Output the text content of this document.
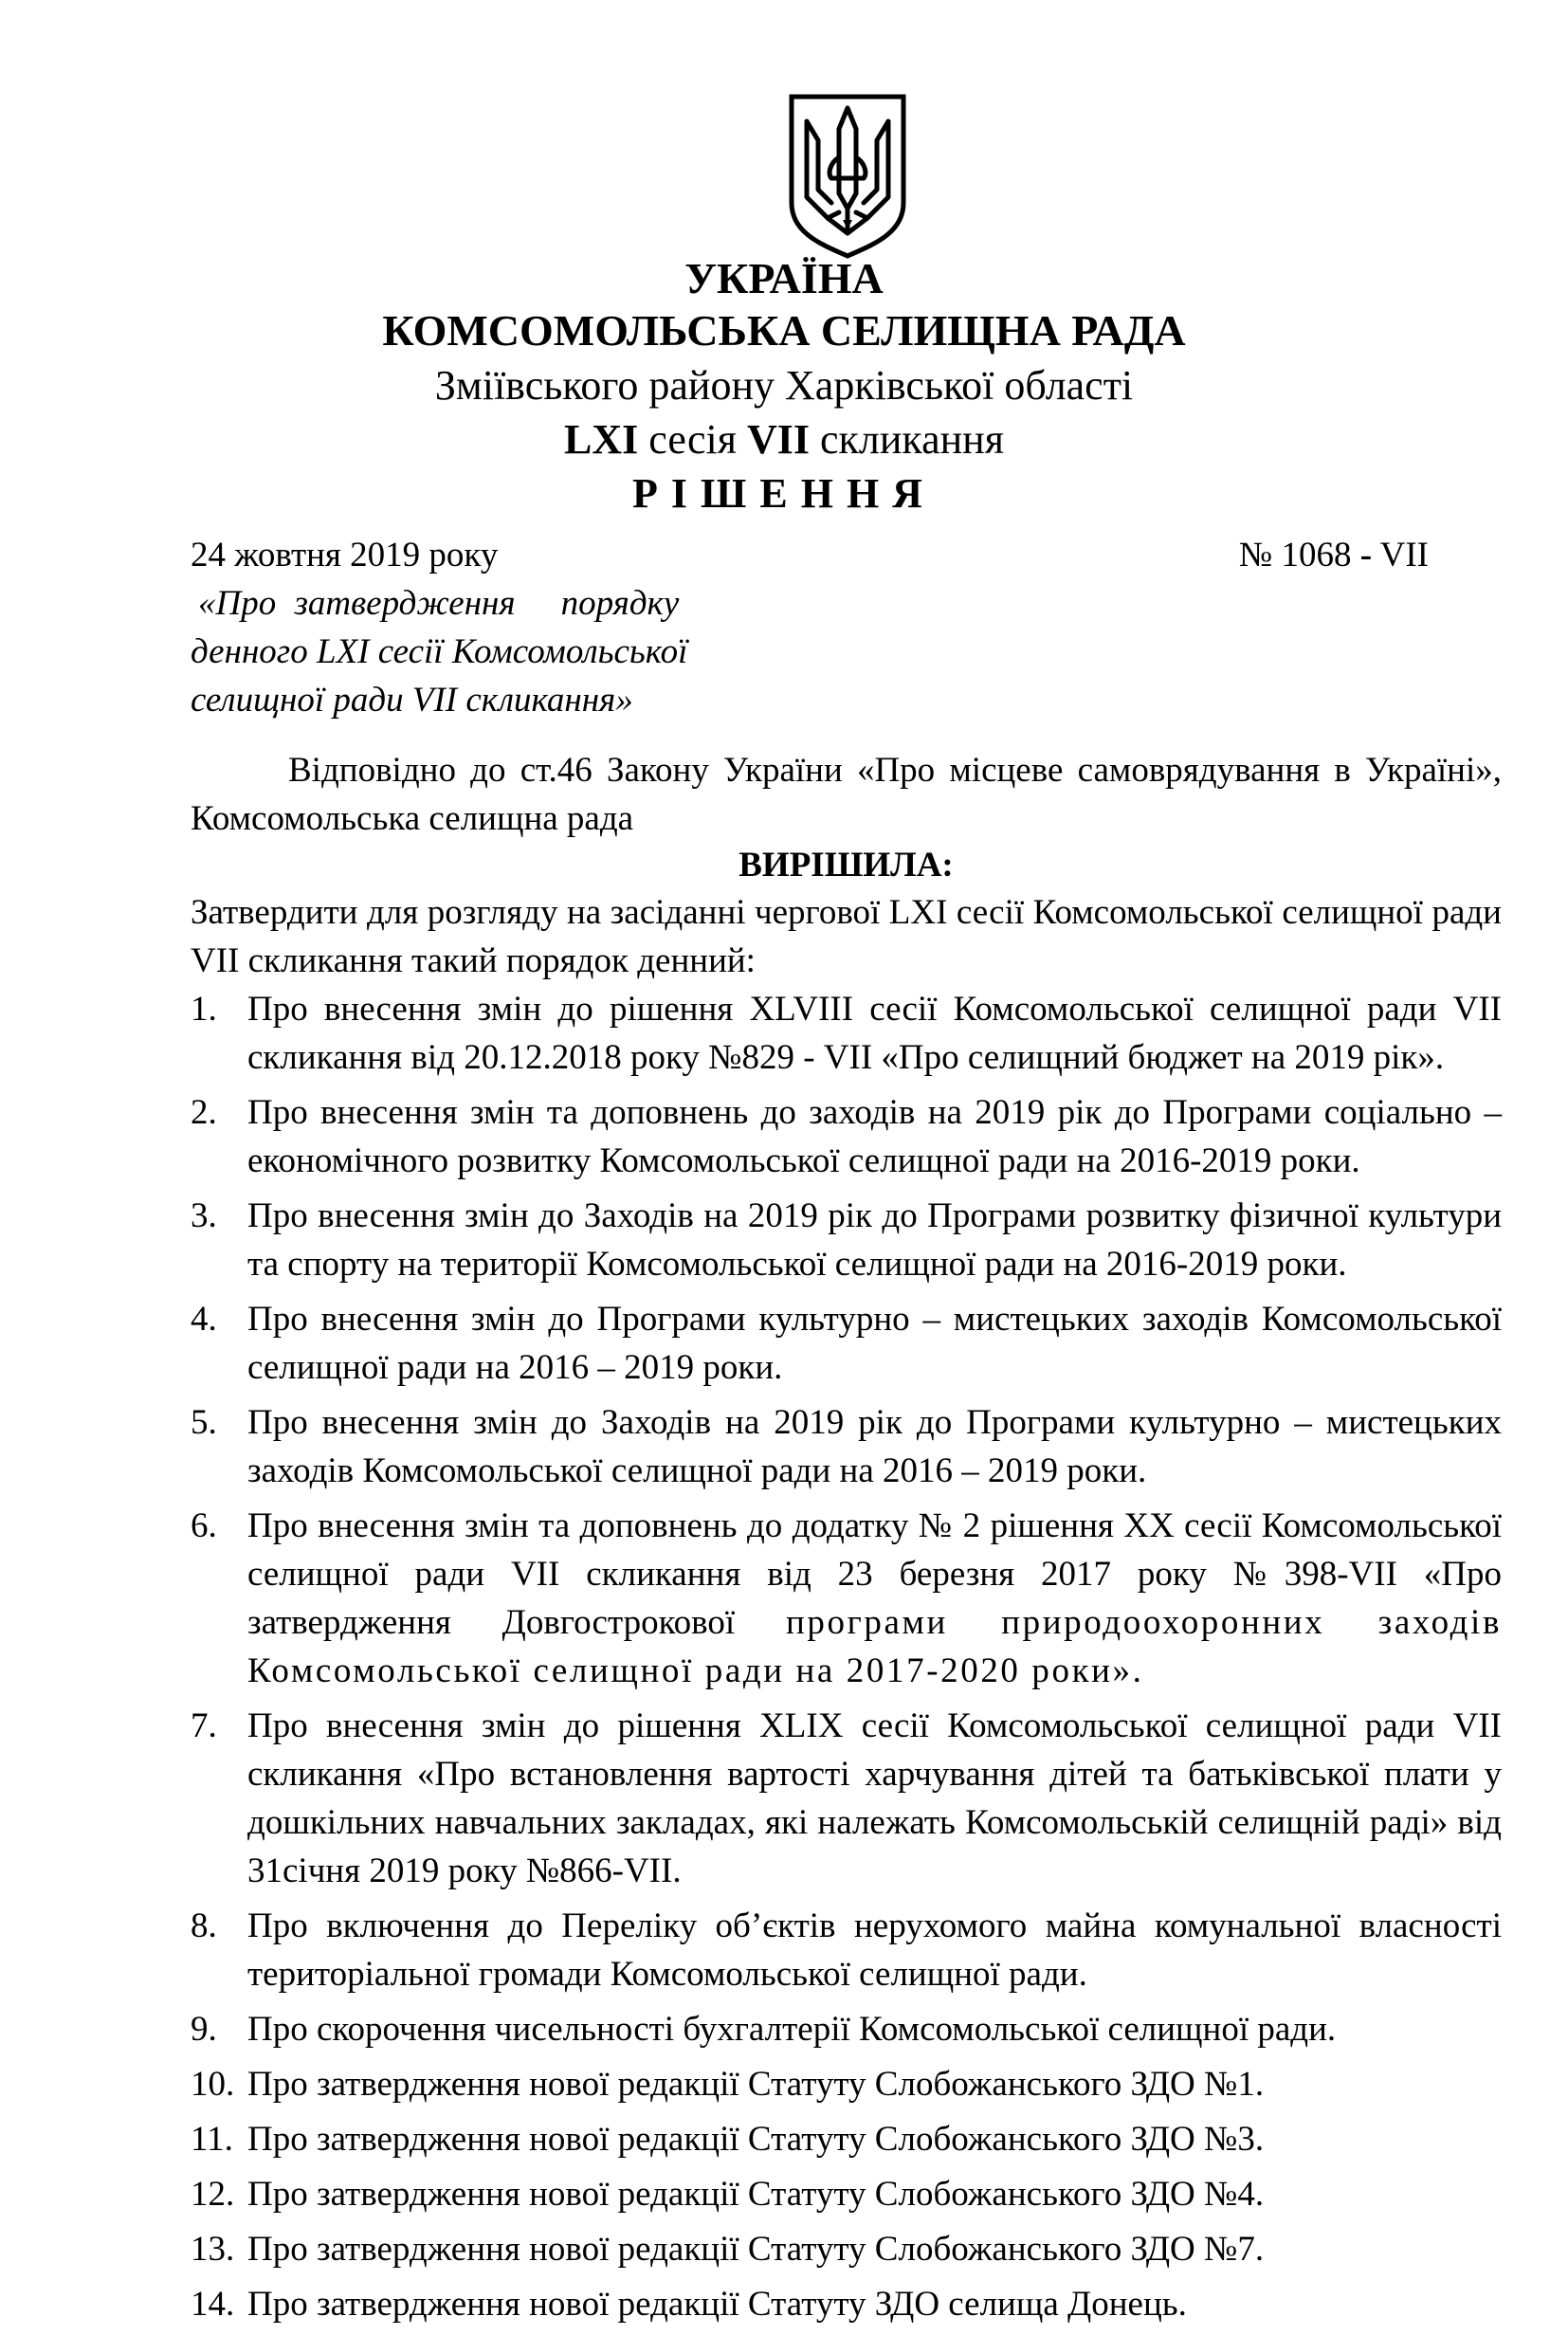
УКРАЇНА
КОМСОМОЛЬСЬКА СЕЛИЩНА РАДА
Зміївського району Харківської області
LXI сесія VII скликання
РІШЕННЯ
24 жовтня 2019 року	№ 1068 - VII
«Про затвердження порядку
денного LXI сесії Комсомольської
селищної ради VII скликання»

Відповідно до ст.46 Закону України «Про місцеве самоврядування в Україні», Комсомольська селищна рада

ВИРІШИЛА:

Затвердити для розгляду на засіданні чергової LXI сесії Комсомольської селищної ради VII скликання такий порядок денний:

1. Про внесення змін до рішення XLVIII сесії Комсомольської селищної ради VII скликання від 20.12.2018 року №829 - VII «Про селищний бюджет на 2019 рік».
2. Про внесення змін та доповнень до заходів на 2019 рік до Програми соціально – економічного розвитку Комсомольської селищної ради на 2016-2019 роки.
3. Про внесення змін до Заходів на 2019 рік до Програми розвитку фізичної культури та спорту на території Комсомольської селищної ради на 2016-2019 роки.
4. Про внесення змін до Програми культурно – мистецьких заходів Комсомольської селищної ради на 2016 – 2019 роки.
5. Про внесення змін до Заходів на 2019 рік до Програми культурно – мистецьких заходів Комсомольської селищної ради на 2016 – 2019 роки.
6. Про внесення змін та доповнень до додатку № 2 рішення XX сесії Комсомольської селищної ради VII скликання від 23 березня 2017 року №398-VII «Про затвердження Довгострокової програми природоохоронних заходів Комсомольської селищної ради на 2017-2020 роки».
7. Про внесення змін до рішення XLIX сесії Комсомольської селищної ради VII скликання «Про встановлення вартості харчування дітей та батьківської плати у дошкільних навчальних закладах, які належать Комсомольській селищній раді» від 31січня 2019 року №866-VII.
8. Про включення до Переліку об’єктів нерухомого майна комунальної власності територіальної громади Комсомольської селищної ради.
9. Про скорочення чисельності бухгалтерії Комсомольської селищної ради.
10. Про затвердження нової редакції Статуту Слобожанського ЗДО №1.
11. Про затвердження нової редакції Статуту Слобожанського ЗДО №3.
12. Про затвердження нової редакції Статуту Слобожанського ЗДО №4.
13. Про затвердження нової редакції Статуту Слобожанського ЗДО №7.
14. Про затвердження нової редакції Статуту ЗДО селища Донець.
